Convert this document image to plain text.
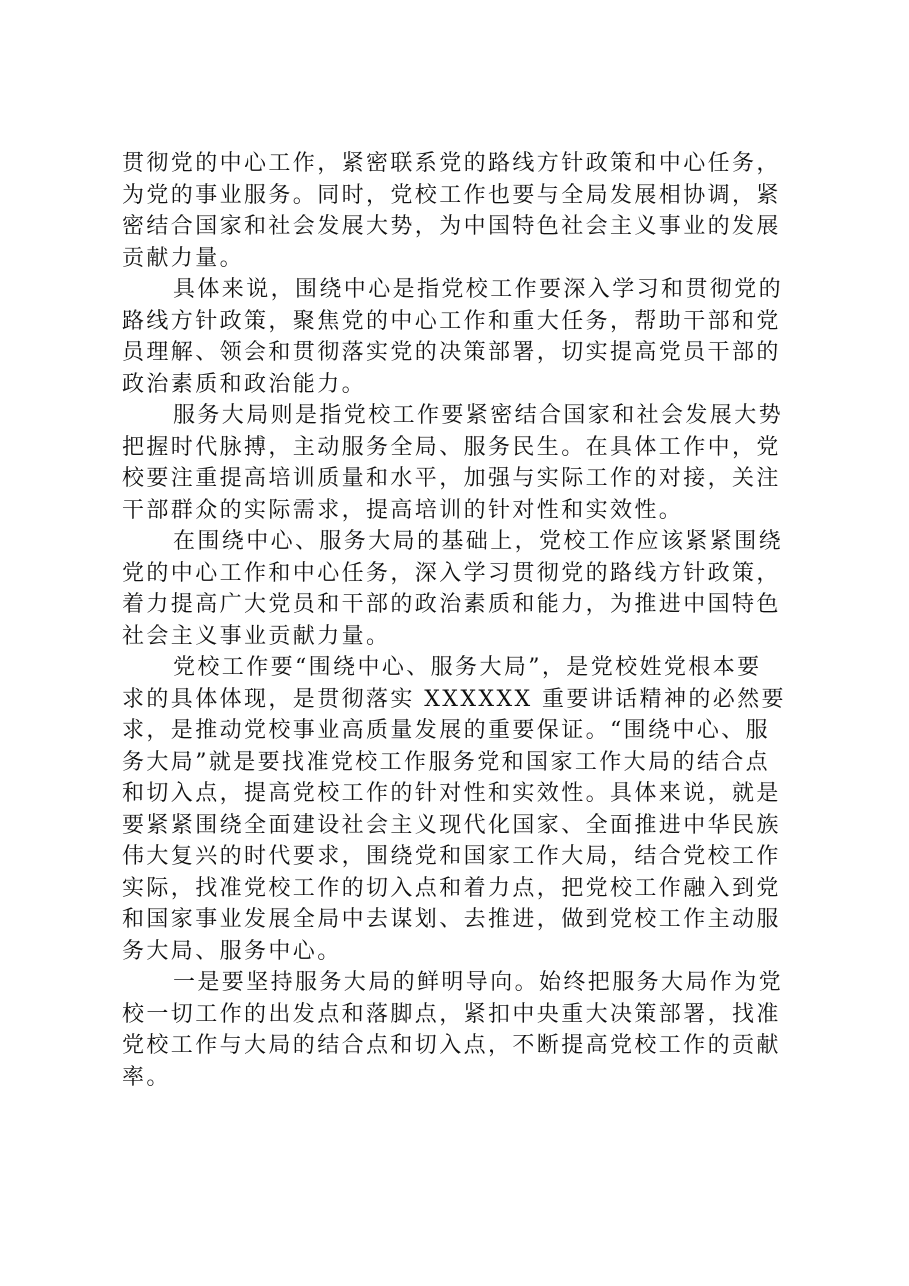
贯彻党的中心工作，紧密联系党的路线方针政策和中心任务，
为党的事业服务。同时，党校工作也要与全局发展相协调，紧
密结合国家和社会发展大势，为中国特色社会主义事业的发展
贡献力量。

具体来说，围绕中心是指党校工作要深入学习和贯彻党的
路线方针政策，聚焦党的中心工作和重大任务，帮助干部和党
员理解、领会和贯彻落实党的决策部署，切实提高党员干部的
政治素质和政治能力。

服务大局则是指党校工作要紧密结合国家和社会发展大势
把握时代脉搏，主动服务全局、服务民生。在具体工作中，党
校要注重提高培训质量和水平，加强与实际工作的对接，关注
干部群众的实际需求，提高培训的针对性和实效性。

在围绕中心、服务大局的基础上，党校工作应该紧紧围绕
党的中心工作和中心任务，深入学习贯彻党的路线方针政策，
着力提高广大党员和干部的政治素质和能力，为推进中国特色
社会主义事业贡献力量。

党校工作要“围绕中心、服务大局”，是党校姓党根本要
求的具体体现，是贯彻落实 XXXXXX 重要讲话精神的必然要
求，是推动党校事业高质量发展的重要保证。“围绕中心、服
务大局”就是要找准党校工作服务党和国家工作大局的结合点
和切入点，提高党校工作的针对性和实效性。具体来说，就是
要紧紧围绕全面建设社会主义现代化国家、全面推进中华民族
伟大复兴的时代要求，围绕党和国家工作大局，结合党校工作
实际，找准党校工作的切入点和着力点，把党校工作融入到党
和国家事业发展全局中去谋划、去推进，做到党校工作主动服
务大局、服务中心。

一是要坚持服务大局的鲜明导向。始终把服务大局作为党
校一切工作的出发点和落脚点，紧扣中央重大决策部署，找准
党校工作与大局的结合点和切入点，不断提高党校工作的贡献
率。
